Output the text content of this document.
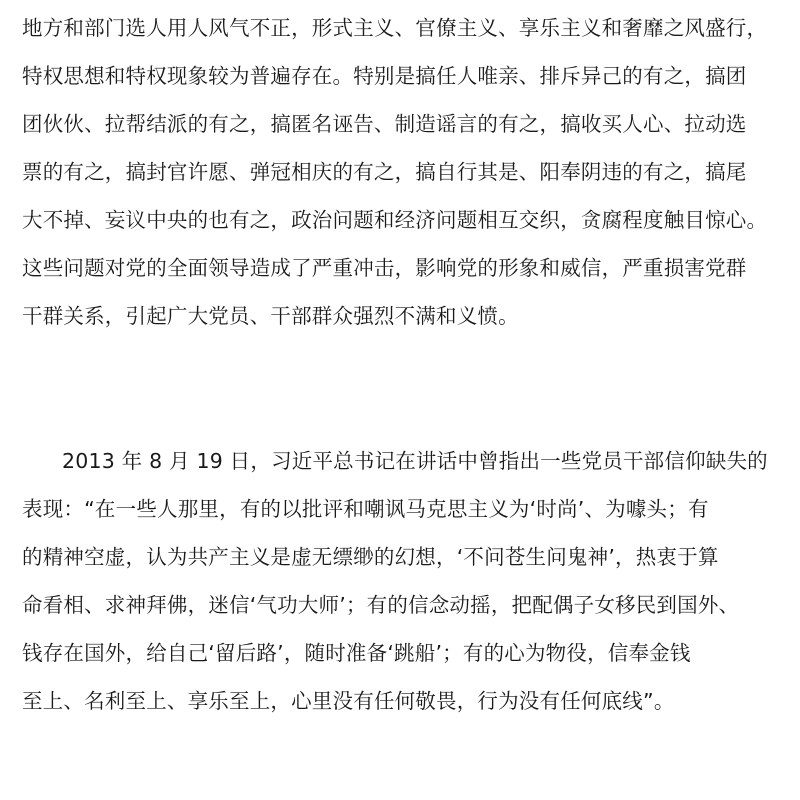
地方和部门选人用人风气不正，形式主义、官僚主义、享乐主义和奢靡之风盛行，
特权思想和特权现象较为普遍存在。特别是搞任人唯亲、排斥异己的有之，搞团
团伙伙、拉帮结派的有之，搞匿名诬告、制造谣言的有之，搞收买人心、拉动选
票的有之，搞封官许愿、弹冠相庆的有之，搞自行其是、阳奉阴违的有之，搞尾
大不掉、妄议中央的也有之，政治问题和经济问题相互交织，贪腐程度触目惊心。
这些问题对党的全面领导造成了严重冲击，影响党的形象和威信，严重损害党群
干群关系，引起广大党员、干部群众强烈不满和义愤。
2013 年 8 月 19 日，习近平总书记在讲话中曾指出一些党员干部信仰缺失的
表现：“在一些人那里，有的以批评和嘲讽马克思主义为‘时尚’、为噱头；有
的精神空虚，认为共产主义是虚无缥缈的幻想，‘不问苍生问鬼神’，热衷于算
命看相、求神拜佛，迷信‘气功大师’；有的信念动摇，把配偶子女移民到国外、
钱存在国外，给自己‘留后路’，随时准备‘跳船’；有的心为物役，信奉金钱
至上、名利至上、享乐至上，心里没有任何敬畏，行为没有任何底线”。
